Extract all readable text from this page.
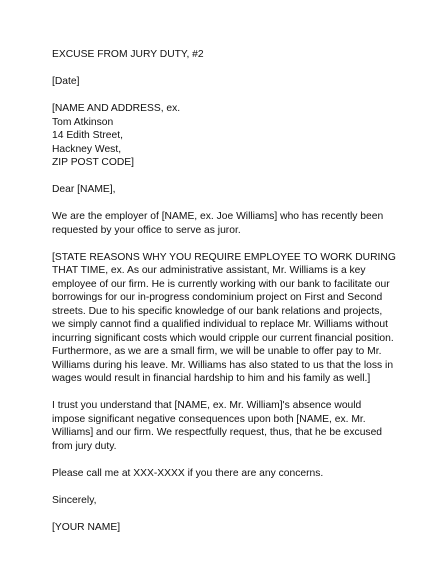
EXCUSE FROM JURY DUTY, #2

[Date]

[NAME AND ADDRESS, ex.
Tom Atkinson
14 Edith Street,
Hackney West,
ZIP POST CODE]

Dear [NAME],

We are the employer of [NAME, ex. Joe Williams] who has recently been
requested by your office to serve as juror.

[STATE REASONS WHY YOU REQUIRE EMPLOYEE TO WORK DURING
THAT TIME, ex. As our administrative assistant, Mr. Williams is a key
employee of our firm. He is currently working with our bank to facilitate our
borrowings for our in-progress condominium project on First and Second
streets. Due to his specific knowledge of our bank relations and projects,
we simply cannot find a qualified individual to replace Mr. Williams without
incurring significant costs which would cripple our current financial position.
Furthermore, as we are a small firm, we will be unable to offer pay to Mr.
Williams during his leave. Mr. Williams has also stated to us that the loss in
wages would result in financial hardship to him and his family as well.]

I trust you understand that [NAME, ex. Mr. William]'s absence would
impose significant negative consequences upon both [NAME, ex. Mr.
Williams] and our firm. We respectfully request, thus, that he be excused
from jury duty.

Please call me at XXX-XXXX if you there are any concerns.

Sincerely,

[YOUR NAME]
